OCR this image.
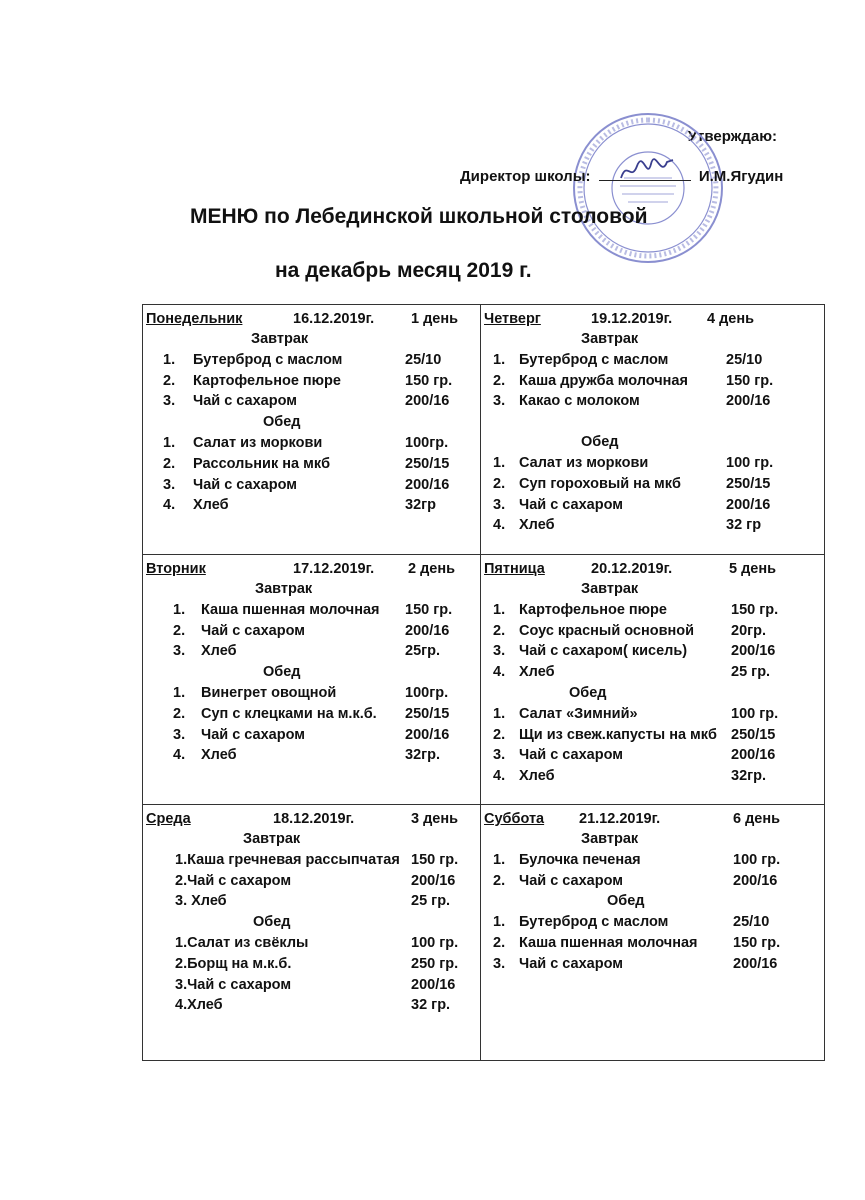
Утверждаю:
Директор школы:	И.М.Ягудин
МЕНЮ по Лебединской школьной столовой
на декабрь месяц 2019 г.
Понедельник	16.12.2019г.	1 день
Завтрак
1. Бутерброд с маслом	25/10
2. Картофельное пюре	150 гр.
3. Чай с сахаром	200/16
Обед
1. Салат из моркови	100гр.
2. Рассольник на мкб	250/15
3. Чай с сахаром	200/16
4. Хлеб	32гр
Четверг	19.12.2019г. 4 день
Завтрак
1. Бутерброд с маслом	25/10
2. Каша дружба молочная	150 гр.
3. Какао с молоком	200/16
Обед
1. Салат из моркови	100 гр.
2. Суп гороховый на мкб	250/15
3. Чай с сахаром	200/16
4. Хлеб	32 гр
Вторник	17.12.2019г. 2 день
Завтрак
1. Каша пшенная молочная 150 гр.
2. Чай с сахаром	200/16
3. Хлеб	25гр.
Обед
1. Винегрет овощной	100гр.
2. Суп с клецками на м.к.б. 250/15
3. Чай с сахаром	200/16
4. Хлеб	32гр.
Пятница	20.12.2019г.	5 день
Завтрак
1. Картофельное пюре	150 гр.
2. Соус красный основной	20гр.
3. Чай с сахаром( кисель)	200/16
4. Хлеб	25 гр.
Обед
1. Салат «Зимний»	100 гр.
2. Щи из свеж.капусты на мкб 250/15
3. Чай с сахаром	200/16
4. Хлеб	32гр.
Среда	18.12.2019г.	3 день
Завтрак
1.Каша гречневая рассыпчатая 150 гр.
2.Чай с сахаром	200/16
3. Хлеб	25 гр.
Обед
1.Салат из свёклы	100 гр.
2.Борщ на м.к.б.	250 гр.
3.Чай с сахаром	200/16
4.Хлеб	32 гр.
Суббота 21.12.2019г.	6 день
Завтрак
1. Булочка печеная	100 гр.
2. Чай с сахаром	200/16
Обед
1. Бутерброд с маслом	25/10
2. Каша пшенная молочная 150 гр.
3. Чай с сахаром	200/16
